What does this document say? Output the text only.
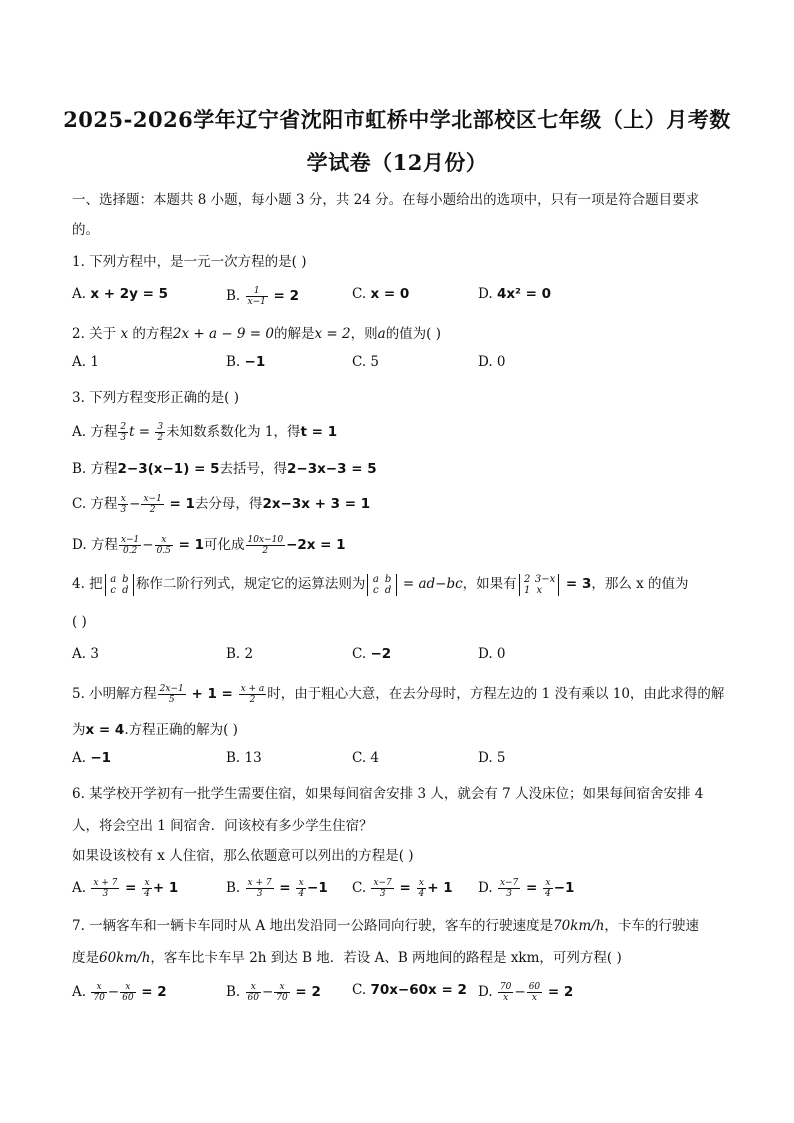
2025-2026学年辽宁省沈阳市虹桥中学北部校区七年级（上）月考数
学试卷（12月份）
一、选择题：本题共 8 小题，每小题 3 分，共 24 分。在每小题给出的选项中，只有一项是符合题目要求
的。
1. 下列方程中，是一元一次方程的是( )
A. x + 2y = 5	B. $\frac{1}{x-1} = 2$	C. x = 0	D. 4x² = 0
2. 关于 x 的方程2x + a − 9 = 0的解是x = 2，则a的值为( )
A. 1	B. −1	C. 5	D. 0
3. 下列方程变形正确的是( )
A. 方程 $\frac{2}{3}$ $t = \frac{3}{2}$ 未知数系数化为 1，得t = 1
B. 方程2−3(x−1) = 5去括号，得2−3x−3 = 5
C. 方程 $\frac{x}{3} - \frac{x-1}{2} = 1$去分母，得2x−3x + 3 = 1
D. 方程 $\frac{x-1}{0.2} - \frac{x}{0.5} = 1$可化成 $\frac{10x-10}{2} -2x = 1$
4. 把 a b
c d 称作二阶行列式，规定它的运算法则为 a b
c d = ad−bc，如果有 2 3−x
1 x	= 3，那么 x 的值为
( )
A. 3	B. 2	C. −2	D. 0
5. 小明解方程 $\frac{2x-1}{5} + 1 = \frac{x + a}{2}$ 时，由于粗心大意，在去分母时，方程左边的 1 没有乘以 10，由此求得的解
为x = 4.方程正确的解为( )
A. −1	B. 13	C. 4	D. 5
6. 某学校开学初有一批学生需要住宿，如果每间宿舍安排 3 人，就会有 7 人没床位；如果每间宿舍安排 4
人，将会空出 1 间宿舍．问该校有多少学生住宿？
如果设该校有 x 人住宿，那么依题意可以列出的方程是( )
A. $\frac{x + 7}{3} = \frac{x}{4} + 1$	B. $\frac{x + 7}{3} = \frac{x}{4} -1$ C. $\frac{x-7}{3} = \frac{x}{4} + 1$ D. $\frac{x-7}{3} = \frac{x}{4} -1$
7. 一辆客车和一辆卡车同时从 A 地出发沿同一公路同向行驶，客车的行驶速度是70km/h，卡车的行驶速
度是60km/h，客车比卡车早 2h 到达 B 地．若设 A、B 两地间的路程是 xkm，可列方程( )
A. $\frac{x}{70} - \frac{x}{60} = 2$	B. $\frac{x}{60} - \frac{x}{70} = 2$ C. 70x−60x = 2 D. $\frac{70}{x} - \frac{60}{x} = 2$
